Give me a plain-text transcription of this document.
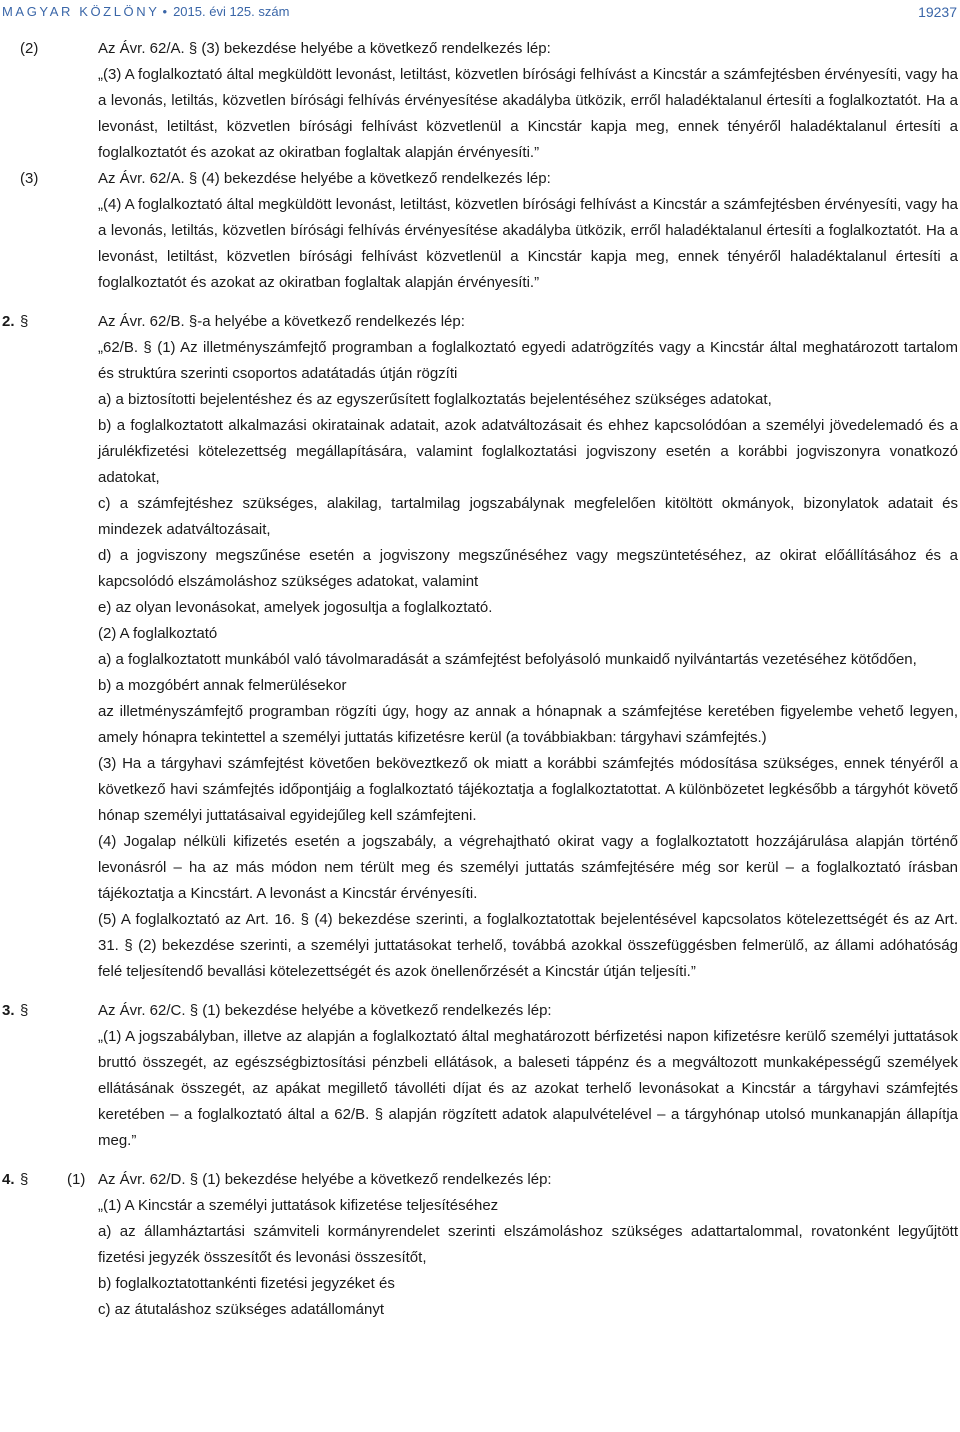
MAGYAR KÖZLÖNY • 2015. évi 125. szám	19237
(2)	Az Ávr. 62/A. § (3) bekezdése helyébe a következő rendelkezés lép:

„(3) A foglalkoztató által megküldött levonást, letiltást, közvetlen bírósági felhívást a Kincstár a számfejtésben érvényesíti, vagy ha a levonás, letiltás, közvetlen bírósági felhívás érvényesítése akadályba ütközik, erről haladéktalanul értesíti a foglalkoztatót. Ha a levonást, letiltást, közvetlen bírósági felhívást közvetlenül a Kincstár kapja meg, ennek tényéről haladéktalanul értesíti a foglalkoztatót és azokat az okiratban foglaltak alapján érvényesíti.”

(3)	Az Ávr. 62/A. § (4) bekezdése helyébe a következő rendelkezés lép:

„(4) A foglalkoztató által megküldött levonást, letiltást, közvetlen bírósági felhívást a Kincstár a számfejtésben érvényesíti, vagy ha a levonás, letiltás, közvetlen bírósági felhívás érvényesítése akadályba ütközik, erről haladéktalanul értesíti a foglalkoztatót. Ha a levonást, letiltást, közvetlen bírósági felhívást közvetlenül a Kincstár kapja meg, ennek tényéről haladéktalanul értesíti a foglalkoztatót és azokat az okiratban foglaltak alapján érvényesíti.”

2. §	Az Ávr. 62/B. §-a helyébe a következő rendelkezés lép:

„62/B. § (1) Az illetményszámfejtő programban a foglalkoztató egyedi adatrögzítés vagy a Kincstár által meghatározott tartalom és struktúra szerinti csoportos adatátadás útján rögzíti

a) a biztosítotti bejelentéshez és az egyszerűsített foglalkoztatás bejelentéséhez szükséges adatokat,

b) a foglalkoztatott alkalmazási okiratainak adatait, azok adatváltozásait és ehhez kapcsolódóan a személyi jövedelemadó és a járulékfizetési kötelezettség megállapítására, valamint foglalkoztatási jogviszony esetén a korábbi jogviszonyra vonatkozó adatokat,

c) a számfejtéshez szükséges, alakilag, tartalmilag jogszabálynak megfelelően kitöltött okmányok, bizonylatok adatait és mindezek adatváltozásait,

d) a jogviszony megszűnése esetén a jogviszony megszűnéséhez vagy megszüntetéséhez, az okirat előállításához és a kapcsolódó elszámoláshoz szükséges adatokat, valamint

e) az olyan levonásokat, amelyek jogosultja a foglalkoztató.

(2) A foglalkoztató

a) a foglalkoztatott munkából való távolmaradását a számfejtést befolyásoló munkaidő nyilvántartás vezetéséhez kötődően,

b) a mozgóbért annak felmerülésekor

az illetményszámfejtő programban rögzíti úgy, hogy az annak a hónapnak a számfejtése keretében figyelembe vehető legyen, amely hónapra tekintettel a személyi juttatás kifizetésre kerül (a továbbiakban: tárgyhavi számfejtés.)

(3) Ha a tárgyhavi számfejtést követően beköveztkező ok miatt a korábbi számfejtés módosítása szükséges, ennek tényéről a következő havi számfejtés időpontjáig a foglalkoztató tájékoztatja a foglalkoztatottat. A különbözetet legkésőbb a tárgyhót követő hónap személyi juttatásaival egyidejűleg kell számfejteni.

(4) Jogalap nélküli kifizetés esetén a jogszabály, a végrehajtható okirat vagy a foglalkoztatott hozzájárulása alapján történő levonásról – ha az más módon nem térült meg és személyi juttatás számfejtésére még sor kerül – a foglalkoztató írásban tájékoztatja a Kincstárt. A levonást a Kincstár érvényesíti.

(5) A foglalkoztató az Art. 16. § (4) bekezdése szerinti, a foglalkoztatottak bejelentésével kapcsolatos kötelezettségét és az Art. 31. § (2) bekezdése szerinti, a személyi juttatásokat terhelő, továbbá azokkal összefüggésben felmerülő, az állami adóhatóság felé teljesítendő bevallási kötelezettségét és azok önellenőrzését a Kincstár útján teljesíti.”

3. §	Az Ávr. 62/C. § (1) bekezdése helyébe a következő rendelkezés lép:

„(1) A jogszabályban, illetve az alapján a foglalkoztató által meghatározott bérfizetési napon kifizetésre kerülő személyi juttatások bruttó összegét, az egészségbiztosítási pénzbeli ellátások, a baleseti táppénz és a megváltozott munkaképességű személyek ellátásának összegét, az apákat megillető távolléti díjat és az azokat terhelő levonásokat a Kincstár a tárgyhavi számfejtés keretében – a foglalkoztató által a 62/B. § alapján rögzített adatok alapulvételével – a tárgyhónap utolsó munkanapján állapítja meg.”

4. §	(1) Az Ávr. 62/D. § (1) bekezdése helyébe a következő rendelkezés lép:

„(1) A Kincstár a személyi juttatások kifizetése teljesítéséhez

a) az államháztartási számviteli kormányrendelet szerinti elszámoláshoz szükséges adattartalommal, rovatonként legyűjtött fizetési jegyzék összesítőt és levonási összesítőt,

b) foglalkoztatottankénti fizetési jegyzéket és

c) az átutaláshoz szükséges adatállományt
